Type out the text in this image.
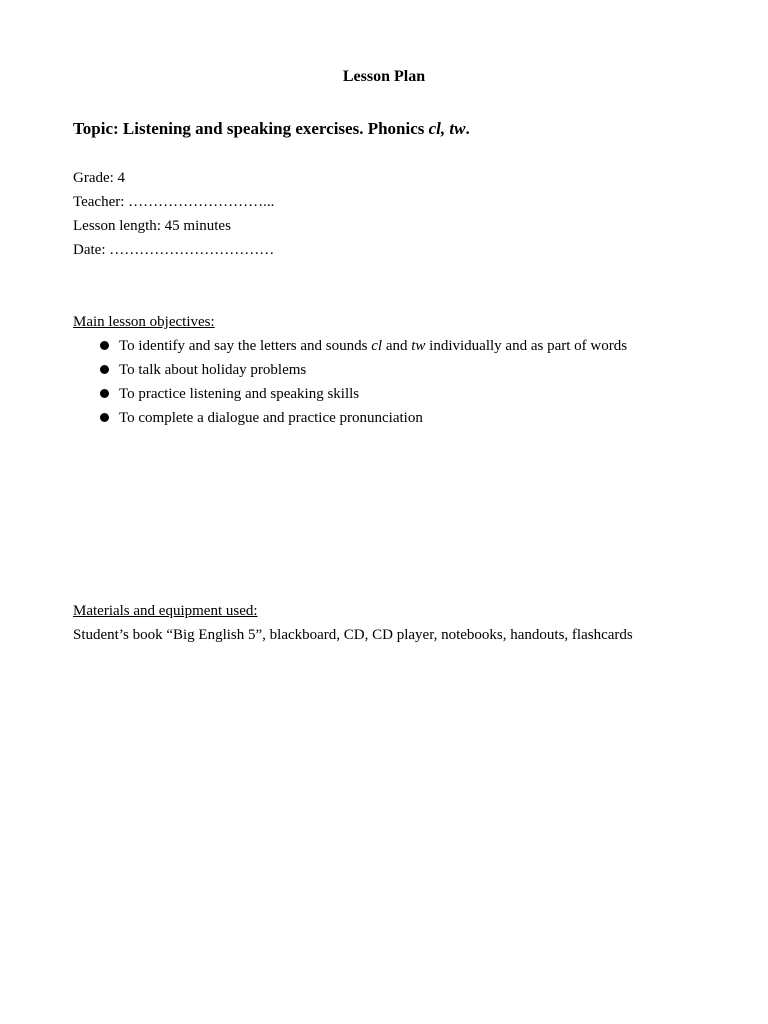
Lesson Plan
Topic: Listening and speaking exercises. Phonics cl, tw.
Grade: 4
Teacher: ………………………...
Lesson length: 45 minutes
Date: ……………………………
Main lesson objectives:
To identify and say the letters and sounds cl and tw individually and as part of words
To talk about holiday problems
To practice listening and speaking skills
To complete a dialogue and practice pronunciation
Materials and equipment used:
Student’s book “Big English 5”, blackboard, CD, CD player, notebooks, handouts, flashcards
